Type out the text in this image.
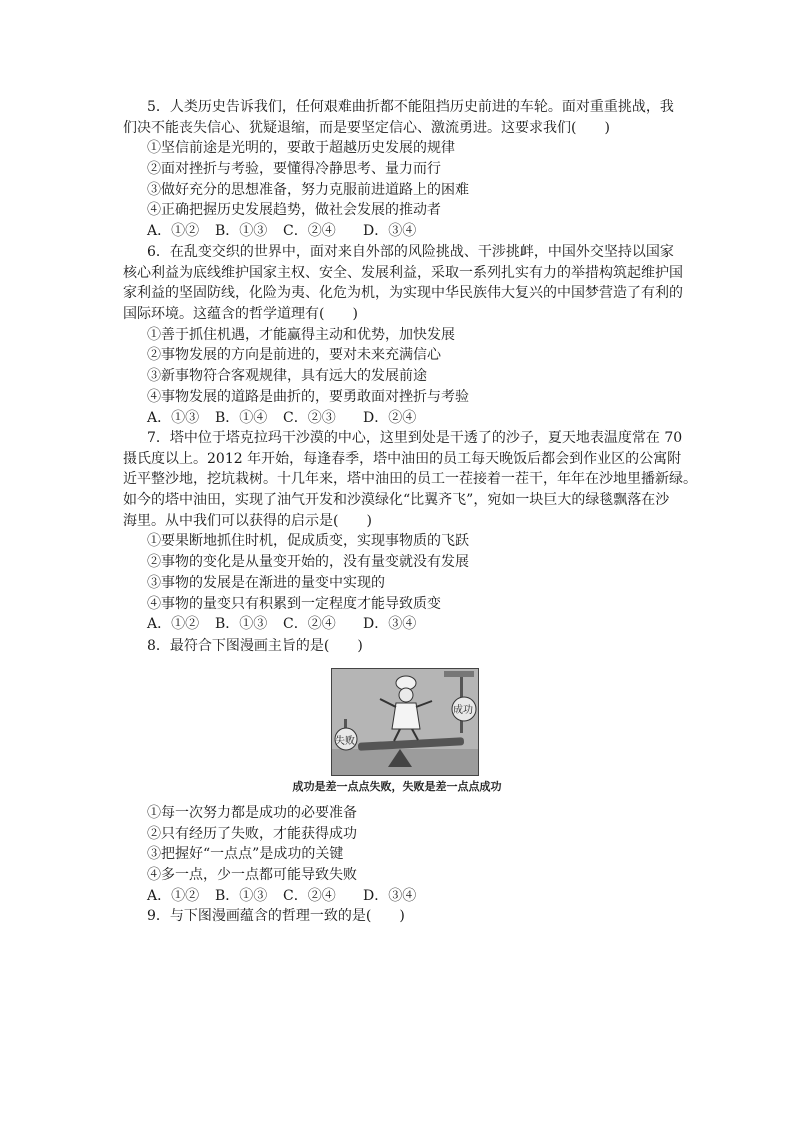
5．人类历史告诉我们，任何艰难曲折都不能阻挡历史前进的车轮。面对重重挑战，我
们决不能丧失信心、犹疑退缩，而是要坚定信心、激流勇进。这要求我们(　　)
①坚信前途是光明的，要敢于超越历史发展的规律
②面对挫折与考验，要懂得冷静思考、量力而行
③做好充分的思想准备，努力克服前进道路上的困难
④正确把握历史发展趋势，做社会发展的推动者
A．①②	B．①③	C．②④	D．③④
6．在乱变交织的世界中，面对来自外部的风险挑战、干涉挑衅，中国外交坚持以国家
核心利益为底线维护国家主权、安全、发展利益，采取一系列扎实有力的举措构筑起维护国
家利益的坚固防线，化险为夷、化危为机，为实现中华民族伟大复兴的中国梦营造了有利的
国际环境。这蕴含的哲学道理有(　　)
①善于抓住机遇，才能赢得主动和优势，加快发展
②事物发展的方向是前进的，要对未来充满信心
③新事物符合客观规律，具有远大的发展前途
④事物发展的道路是曲折的，要勇敢面对挫折与考验
A．①③	B．①④	C．②③	D．②④
7．塔中位于塔克拉玛干沙漠的中心，这里到处是干透了的沙子，夏天地表温度常在 70
摄氏度以上。2012 年开始，每逢春季，塔中油田的员工每天晚饭后都会到作业区的公寓附
近平整沙地，挖坑栽树。十几年来，塔中油田的员工一茬接着一茬干，年年在沙地里播新绿。
如今的塔中油田，实现了油气开发和沙漠绿化“比翼齐飞”，宛如一块巨大的绿毯飘落在沙
海里。从中我们可以获得的启示是(　　)
①要果断地抓住时机，促成质变，实现事物质的飞跃
②事物的变化是从量变开始的，没有量变就没有发展
③事物的发展是在渐进的量变中实现的
④事物的量变只有积累到一定程度才能导致质变
A．①②	B．①③	C．②④	D．③④
8．最符合下图漫画主旨的是(　　)
成功
失败
成功是差一点点失败，失败是差一点点成功
①每一次努力都是成功的必要准备
②只有经历了失败，才能获得成功
③把握好“一点点”是成功的关键
④多一点，少一点都可能导致失败
A．①②	B．①③	C．②④	D．③④
9．与下图漫画蕴含的哲理一致的是(　　)
